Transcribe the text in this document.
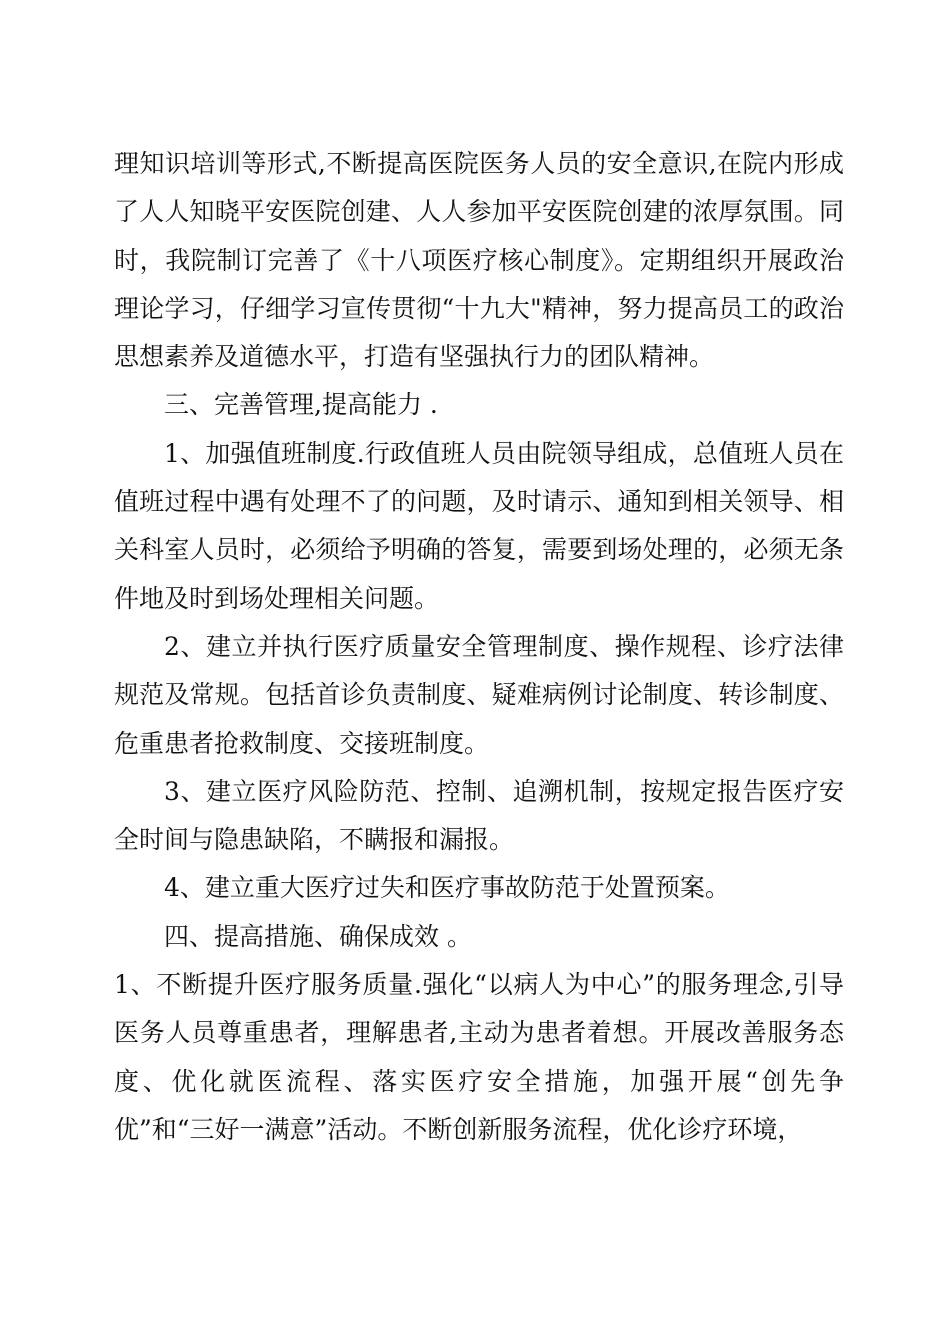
理知识培训等形式,不断提高医院医务人员的安全意识,在院内形成了人人知晓平安医院创建、人人参加平安医院创建的浓厚氛围。同时，我院制订完善了《十八项医疗核心制度》。定期组织开展政治理论学习，仔细学习宣传贯彻“十九大"精神，努力提高员工的政治思想素养及道德水平，打造有坚强执行力的团队精神。

三、完善管理,提高能力 .

1、加强值班制度.行政值班人员由院领导组成，总值班人员在值班过程中遇有处理不了的问题，及时请示、通知到相关领导、相关科室人员时，必须给予明确的答复，需要到场处理的，必须无条件地及时到场处理相关问题。

2、建立并执行医疗质量安全管理制度、操作规程、诊疗法律规范及常规。包括首诊负责制度、疑难病例讨论制度、转诊制度、危重患者抢救制度、交接班制度。

3、建立医疗风险防范、控制、追溯机制，按规定报告医疗安全时间与隐患缺陷，不瞒报和漏报。

4、建立重大医疗过失和医疗事故防范于处置预案。

四、提高措施、确保成效 。

1、不断提升医疗服务质量.强化“以病人为中心”的服务理念,引导医务人员尊重患者，理解患者,主动为患者着想。开展改善服务态度、优化就医流程、落实医疗安全措施，加强开展“创先争优”和“三好一满意”活动。不断创新服务流程，优化诊疗环境，
